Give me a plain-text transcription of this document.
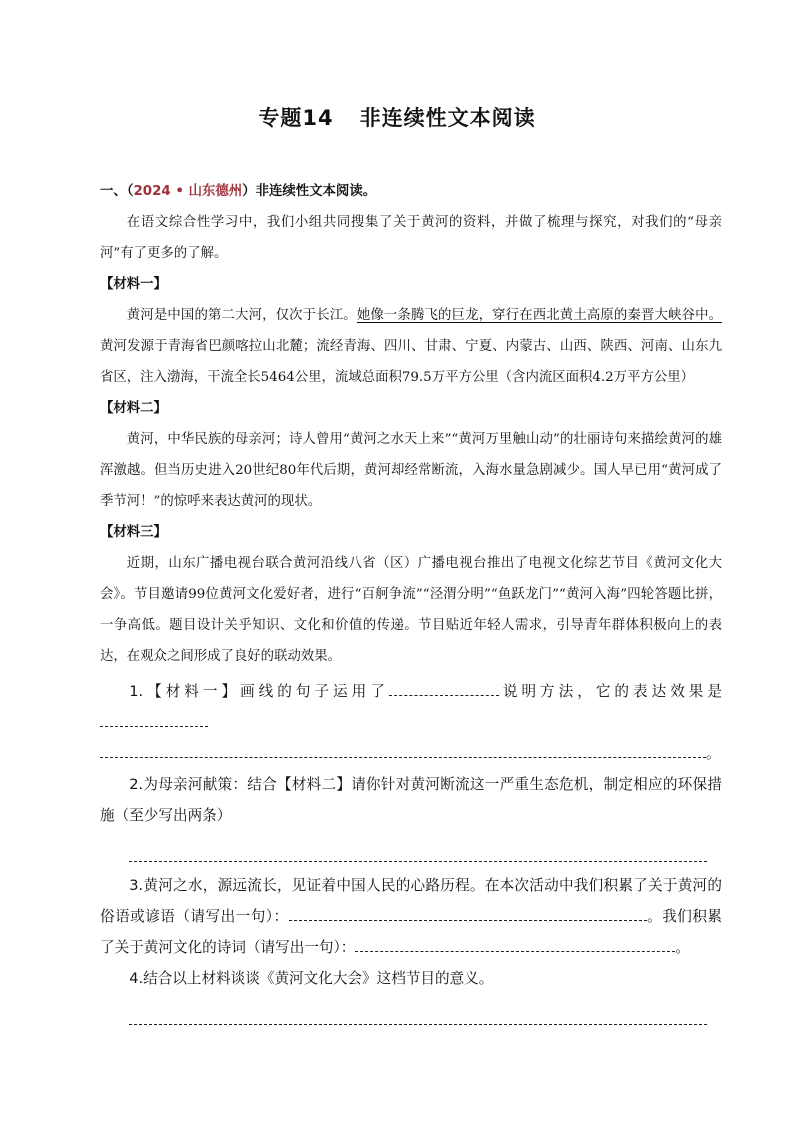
专题14 非连续性文本阅读

一、（2024 • 山东德州）非连续性文本阅读。

在语文综合性学习中，我们小组共同搜集了关于黄河的资料，并做了梳理与探究，对我们的“母亲河”有了更多的了解。

【材料一】

黄河是中国的第二大河，仅次于长江。她像一条腾飞的巨龙，穿行在西北黄土高原的秦晋大峡谷中。黄河发源于青海省巴颜喀拉山北麓；流经青海、四川、甘肃、宁夏、内蒙古、山西、陕西、河南、山东九省区，注入渤海，干流全长5464公里，流域总面积79.5万平方公里（含内流区面积4.2万平方公里）

【材料二】

黄河，中华民族的母亲河；诗人曾用“黄河之水天上来”“黄河万里触山动”的壮丽诗句来描绘黄河的雄浑激越。但当历史进入20世纪80年代后期，黄河却经常断流，入海水量急剧减少。国人早已用“黄河成了季节河！”的惊呼来表达黄河的现状。

【材料三】

近期，山东广播电视台联合黄河沿线八省（区）广播电视台推出了电视文化综艺节目《黄河文化大会》。节目邀请99位黄河文化爱好者，进行“百舸争流”“泾渭分明”“鱼跃龙门”“黄河入海”四轮答题比拼，一争高低。题目设计关乎知识、文化和价值的传递。节目贴近年轻人需求，引导青年群体积极向上的表达，在观众之间形成了良好的联动效果。

1.【材料一】画线的句子运用了	说明方法，它的表达效果是

。

2.为母亲河献策：结合【材料二】请你针对黄河断流这一严重生态危机，制定相应的环保措施（至少写出两条）

3.黄河之水，源远流长，见证着中国人民的心路历程。在本次活动中我们积累了关于黄河的俗语或谚语（请写出一句）：	。我们积累了关于黄河文化的诗词（请写出一句）：	。

4.结合以上材料谈谈《黄河文化大会》这档节目的意义。
